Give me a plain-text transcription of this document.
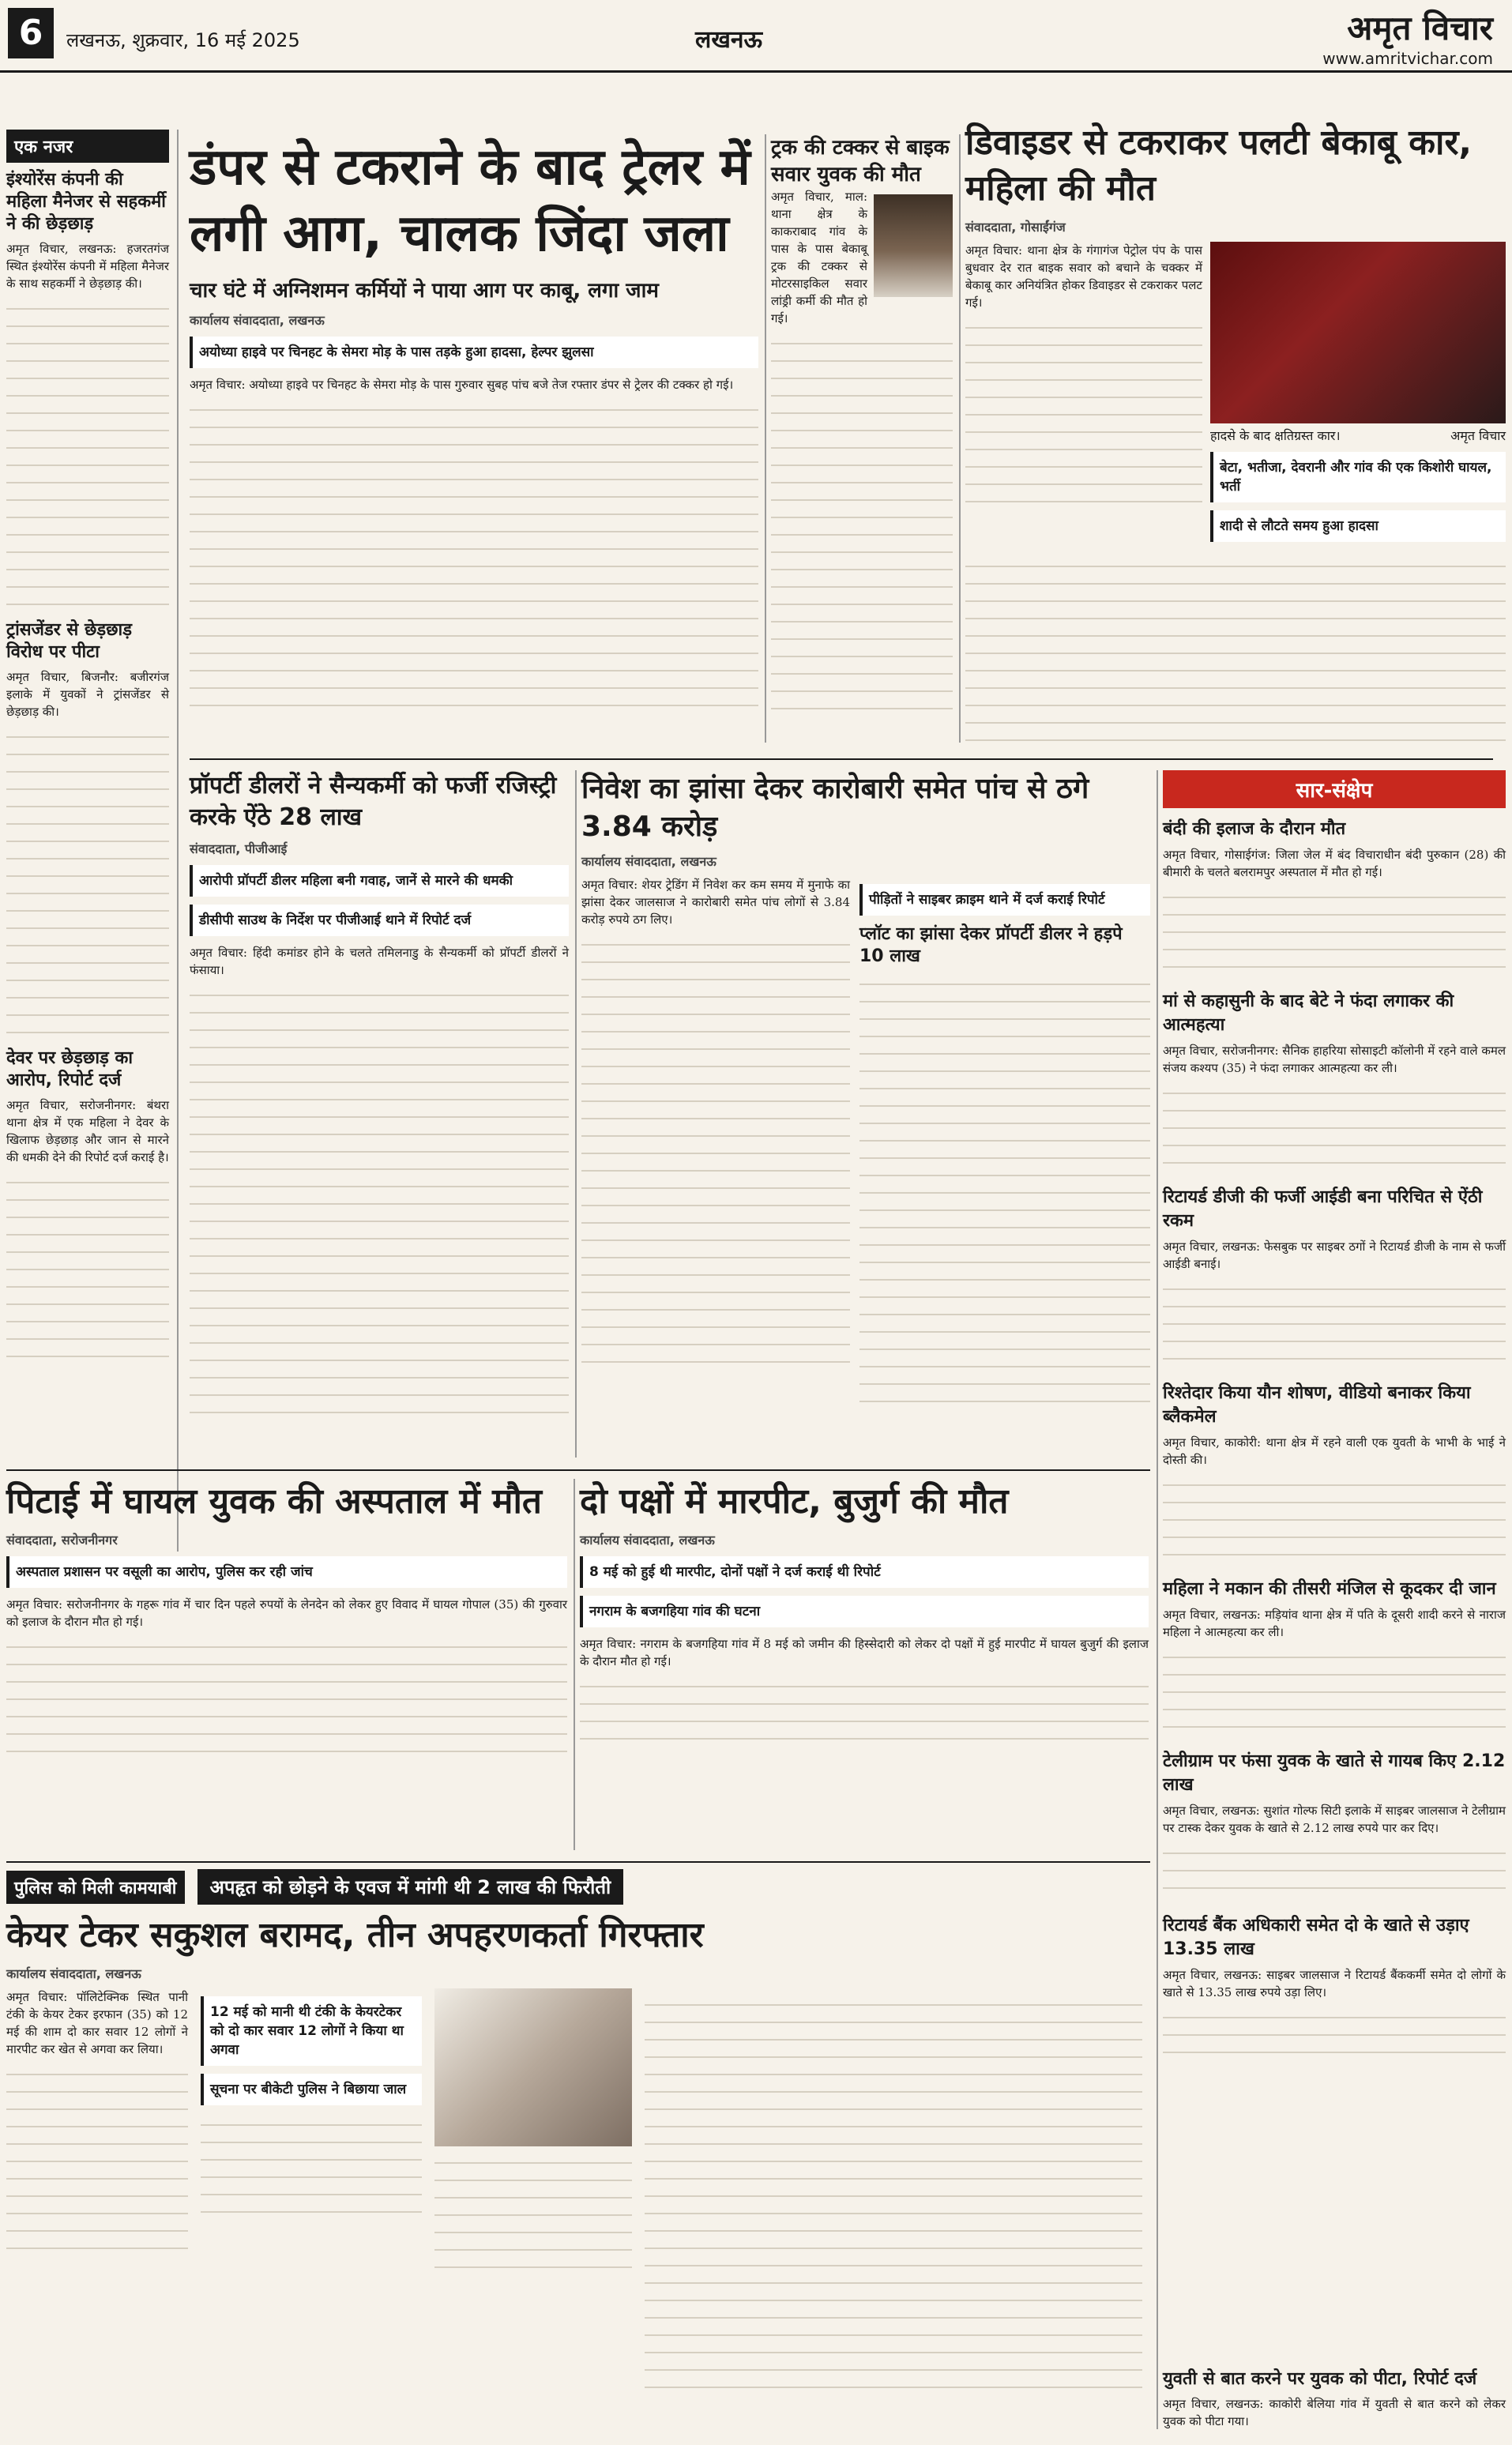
6	लखनऊ, शुक्रवार, 16 मई 2025	लखनऊ	अमृत विचार
www.amritvichar.com
एक नजर
इंश्योरेंस कंपनी की महिला मैनेजर से सहकर्मी ने की छेड़छाड़
अमृत विचार, लखनऊ: हजरतगंज स्थित इंश्योरेंस कंपनी में महिला मैनेजर के साथ सहकर्मी ने छेड़छाड़ की।
ट्रांसजेंडर से छेड़छाड़ विरोध पर पीटा
अमृत विचार, बिजनौर: बजीरगंज इलाके में युवकों ने ट्रांसजेंडर से छेड़छाड़ की।
देवर पर छेड़छाड़ का आरोप, रिपोर्ट दर्ज
अमृत विचार, सरोजनीनगर: बंथरा थाना क्षेत्र में एक महिला ने देवर के खिलाफ छेड़छाड़ और जान से मारने की धमकी देने की रिपोर्ट दर्ज कराई है।
डंपर से टकराने के बाद ट्रेलर में लगी आग, चालक जिंदा जला
चार घंटे में अग्निशमन कर्मियों ने पाया आग पर काबू, लगा जाम
कार्यालय संवाददाता, लखनऊ
अयोध्या हाइवे पर चिनहट के सेमरा मोड़ के पास तड़के हुआ हादसा, हेल्पर झुलसा
अमृत विचार: अयोध्या हाइवे पर चिनहट के सेमरा मोड़ के पास गुरुवार सुबह पांच बजे तेज रफ्तार डंपर से ट्रेलर की टक्कर हो गई।
ट्रक की टक्कर से बाइक सवार युवक की मौत
अमृत विचार, माल: थाना क्षेत्र के काकराबाद गांव के पास के पास बेकाबू ट्रक की टक्कर से मोटरसाइकिल सवार लांड्री कर्मी की मौत हो गई।
डिवाइडर से टकराकर पलटी बेकाबू कार, महिला की मौत
संवाददाता, गोसाईंगंज
अमृत विचार: थाना क्षेत्र के गंगागंज पेट्रोल पंप के पास बुधवार देर रात बाइक सवार को बचाने के चक्कर में बेकाबू कार अनियंत्रित होकर डिवाइडर से टकराकर पलट गई।
हादसे के बाद क्षतिग्रस्त कार।	अमृत विचार
बेटा, भतीजा, देवरानी और गांव की एक किशोरी घायल, भर्ती
शादी से लौटते समय हुआ हादसा
प्रॉपर्टी डीलरों ने सैन्यकर्मी को फर्जी रजिस्ट्री करके ऐंठे 28 लाख
संवाददाता, पीजीआई
आरोपी प्रॉपर्टी डीलर महिला बनी गवाह, जानें से मारने की धमकी
डीसीपी साउथ के निर्देश पर पीजीआई थाने में रिपोर्ट दर्ज
अमृत विचार: हिंदी कमांडर होने के चलते तमिलनाडु के सैन्यकर्मी को प्रॉपर्टी डीलरों ने फंसाया।
निवेश का झांसा देकर कारोबारी समेत पांच से ठगे 3.84 करोड़
कार्यालय संवाददाता, लखनऊ
अमृत विचार: शेयर ट्रेडिंग में निवेश कर कम समय में मुनाफे का झांसा देकर जालसाज ने कारोबारी समेत पांच लोगों से 3.84 करोड़ रुपये ठग लिए।
पीड़ितों ने साइबर क्राइम थाने में दर्ज कराई रिपोर्ट
प्लॉट का झांसा देकर प्रॉपर्टी डीलर ने हड़पे 10 लाख
सार-संक्षेप
बंदी की इलाज के दौरान मौत
अमृत विचार, गोसाईगंज: जिला जेल में बंद विचाराधीन बंदी पुरुकान (28) की बीमारी के चलते बलरामपुर अस्पताल में मौत हो गई।
मां से कहासुनी के बाद बेटे ने फंदा लगाकर की आत्महत्या
अमृत विचार, सरोजनीनगर: सैनिक हाहरिया सोसाइटी कॉलोनी में रहने वाले कमल संजय कश्यप (35) ने फंदा लगाकर आत्महत्या कर ली।
रिटायर्ड डीजी की फर्जी आईडी बना परिचित से ऐंठी रकम
अमृत विचार, लखनऊ: फेसबुक पर साइबर ठगों ने रिटायर्ड डीजी के नाम से फर्जी आईडी बनाई।
रिश्तेदार किया यौन शोषण, वीडियो बनाकर किया ब्लैकमेल
अमृत विचार, काकोरी: थाना क्षेत्र में रहने वाली एक युवती के भाभी के भाई ने दोस्ती की।
महिला ने मकान की तीसरी मंजिल से कूदकर दी जान
अमृत विचार, लखनऊ: मड़ियांव थाना क्षेत्र में पति के दूसरी शादी करने से नाराज महिला ने आत्महत्या कर ली।
टेलीग्राम पर फंसा युवक के खाते से गायब किए 2.12 लाख
अमृत विचार, लखनऊ: सुशांत गोल्फ सिटी इलाके में साइबर जालसाज ने टेलीग्राम पर टास्क देकर युवक के खाते से 2.12 लाख रुपये पार कर दिए।
रिटायर्ड बैंक अधिकारी समेत दो के खाते से उड़ाए 13.35 लाख
अमृत विचार, लखनऊ: साइबर जालसाज ने रिटायर्ड बैंककर्मी समेत दो लोगों के खाते से 13.35 लाख रुपये उड़ा लिए।
पिटाई में घायल युवक की अस्पताल में मौत
संवाददाता, सरोजनीनगर
अस्पताल प्रशासन पर वसूली का आरोप, पुलिस कर रही जांच
अमृत विचार: सरोजनीनगर के गहरू गांव में चार दिन पहले रुपयों के लेनदेन को लेकर हुए विवाद में घायल गोपाल (35) की गुरुवार को इलाज के दौरान मौत हो गई।
दो पक्षों में मारपीट, बुजुर्ग की मौत
कार्यालय संवाददाता, लखनऊ
8 मई को हुई थी मारपीट, दोनों पक्षों ने दर्ज कराई थी रिपोर्ट
नगराम के बजगहिया गांव की घटना
अमृत विचार: नगराम के बजगहिया गांव में 8 मई को जमीन की हिस्सेदारी को लेकर दो पक्षों में हुई मारपीट में घायल बुजुर्ग की इलाज के दौरान मौत हो गई।
पुलिस को मिली कामयाबी	अपहृत को छोड़ने के एवज में मांगी थी 2 लाख की फिरौती
केयर टेकर सकुशल बरामद, तीन अपहरणकर्ता गिरफ्तार
कार्यालय संवाददाता, लखनऊ
अमृत विचार: पॉलिटेक्निक स्थित पानी टंकी के केयर टेकर इरफान (35) को 12 मई की शाम दो कार सवार 12 लोगों ने मारपीट कर खेत से अगवा कर लिया।
12 मई को मानी थी टंकी के केयरटेकर को दो कार सवार 12 लोगों ने किया था अगवा
सूचना पर बीकेटी पुलिस ने बिछाया जाल
युवती से बात करने पर युवक को पीटा, रिपोर्ट दर्ज
अमृत विचार, लखनऊ: काकोरी बेलिया गांव में युवती से बात करने को लेकर युवक को पीटा गया।
